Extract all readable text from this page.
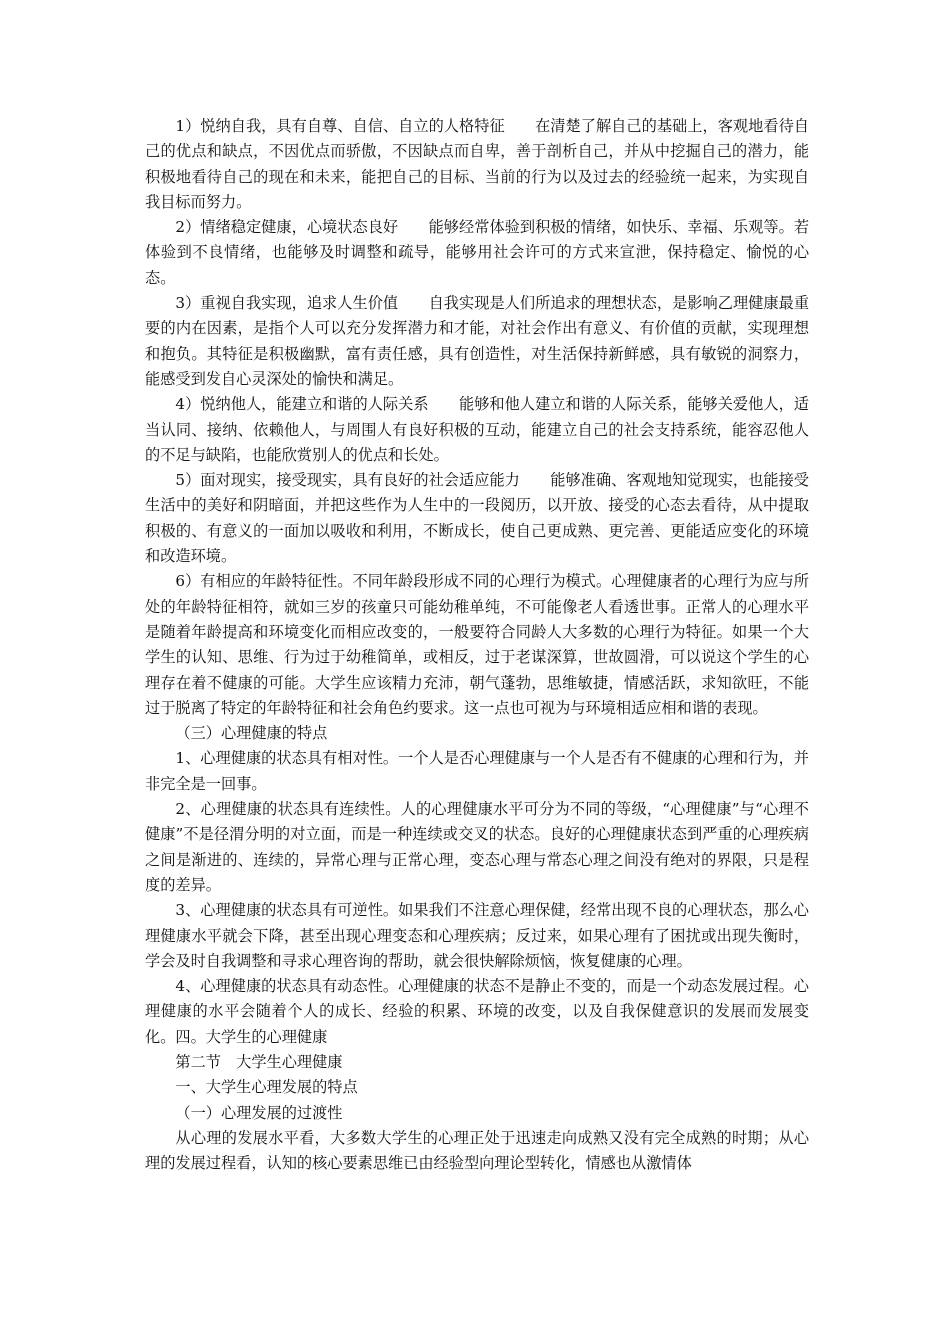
1）悦纳自我，具有自尊、自信、自立的人格特征 在清楚了解自己的基础上，客观地看待自己的优点和缺点，不因优点而骄傲，不因缺点而自卑，善于剖析自己，并从中挖掘自己的潜力，能积极地看待自己的现在和未来，能把自己的目标、当前的行为以及过去的经验统一起来，为实现自我目标而努力。

2）情绪稳定健康，心境状态良好 能够经常体验到积极的情绪，如快乐、幸福、乐观等。若体验到不良情绪，也能够及时调整和疏导，能够用社会许可的方式来宣泄，保持稳定、愉悦的心态。

3）重视自我实现，追求人生价值 自我实现是人们所追求的理想状态，是影响乙理健康最重要的内在因素，是指个人可以充分发挥潜力和才能，对社会作出有意义、有价值的贡献，实现理想和抱负。其特征是积极幽默，富有责任感，具有创造性，对生活保持新鲜感，具有敏锐的洞察力，能感受到发自心灵深处的愉快和满足。

4）悦纳他人，能建立和谐的人际关系 能够和他人建立和谐的人际关系，能够关爱他人，适当认同、接纳、依赖他人，与周围人有良好积极的互动，能建立自己的社会支持系统，能容忍他人的不足与缺陷，也能欣赏别人的优点和长处。

5）面对现实，接受现实，具有良好的社会适应能力 能够准确、客观地知觉现实，也能接受生活中的美好和阴暗面，并把这些作为人生中的一段阅历，以开放、接受的心态去看待，从中提取积极的、有意义的一面加以吸收和利用，不断成长，使自己更成熟、更完善、更能适应变化的环境和改造环境。

6）有相应的年龄特征性。不同年龄段形成不同的心理行为模式。心理健康者的心理行为应与所处的年龄特征相符，就如三岁的孩童只可能幼稚单纯，不可能像老人看透世事。正常人的心理水平是随着年龄提高和环境变化而相应改变的，一般要符合同龄人大多数的心理行为特征。如果一个大学生的认知、思维、行为过于幼稚简单，或相反，过于老谋深算，世故圆滑，可以说这个学生的心理存在着不健康的可能。大学生应该精力充沛，朝气蓬勃，思维敏捷，情感活跃，求知欲旺，不能过于脱离了特定的年龄特征和社会角色约要求。这一点也可视为与环境相适应相和谐的表现。

（三）心理健康的特点

1、心理健康的状态具有相对性。一个人是否心理健康与一个人是否有不健康的心理和行为，并非完全是一回事。

2、心理健康的状态具有连续性。人的心理健康水平可分为不同的等级，“心理健康”与“心理不健康”不是径渭分明的对立面，而是一种连续或交叉的状态。良好的心理健康状态到严重的心理疾病之间是渐进的、连续的，异常心理与正常心理，变态心理与常态心理之间没有绝对的界限，只是程度的差异。

3、心理健康的状态具有可逆性。如果我们不注意心理保健，经常出现不良的心理状态，那么心理健康水平就会下降，甚至出现心理变态和心理疾病；反过来，如果心理有了困扰或出现失衡时，学会及时自我调整和寻求心理咨询的帮助，就会很快解除烦恼，恢复健康的心理。

4、心理健康的状态具有动态性。心理健康的状态不是静止不变的，而是一个动态发展过程。心理健康的水平会随着个人的成长、经验的积累、环境的改变，以及自我保健意识的发展而发展变化。四。大学生的心理健康

第二节 大学生心理健康

一、大学生心理发展的特点

（一）心理发展的过渡性

从心理的发展水平看，大多数大学生的心理正处于迅速走向成熟又没有完全成熟的时期；从心理的发展过程看，认知的核心要素思维已由经验型向理论型转化，情感也从激情体
